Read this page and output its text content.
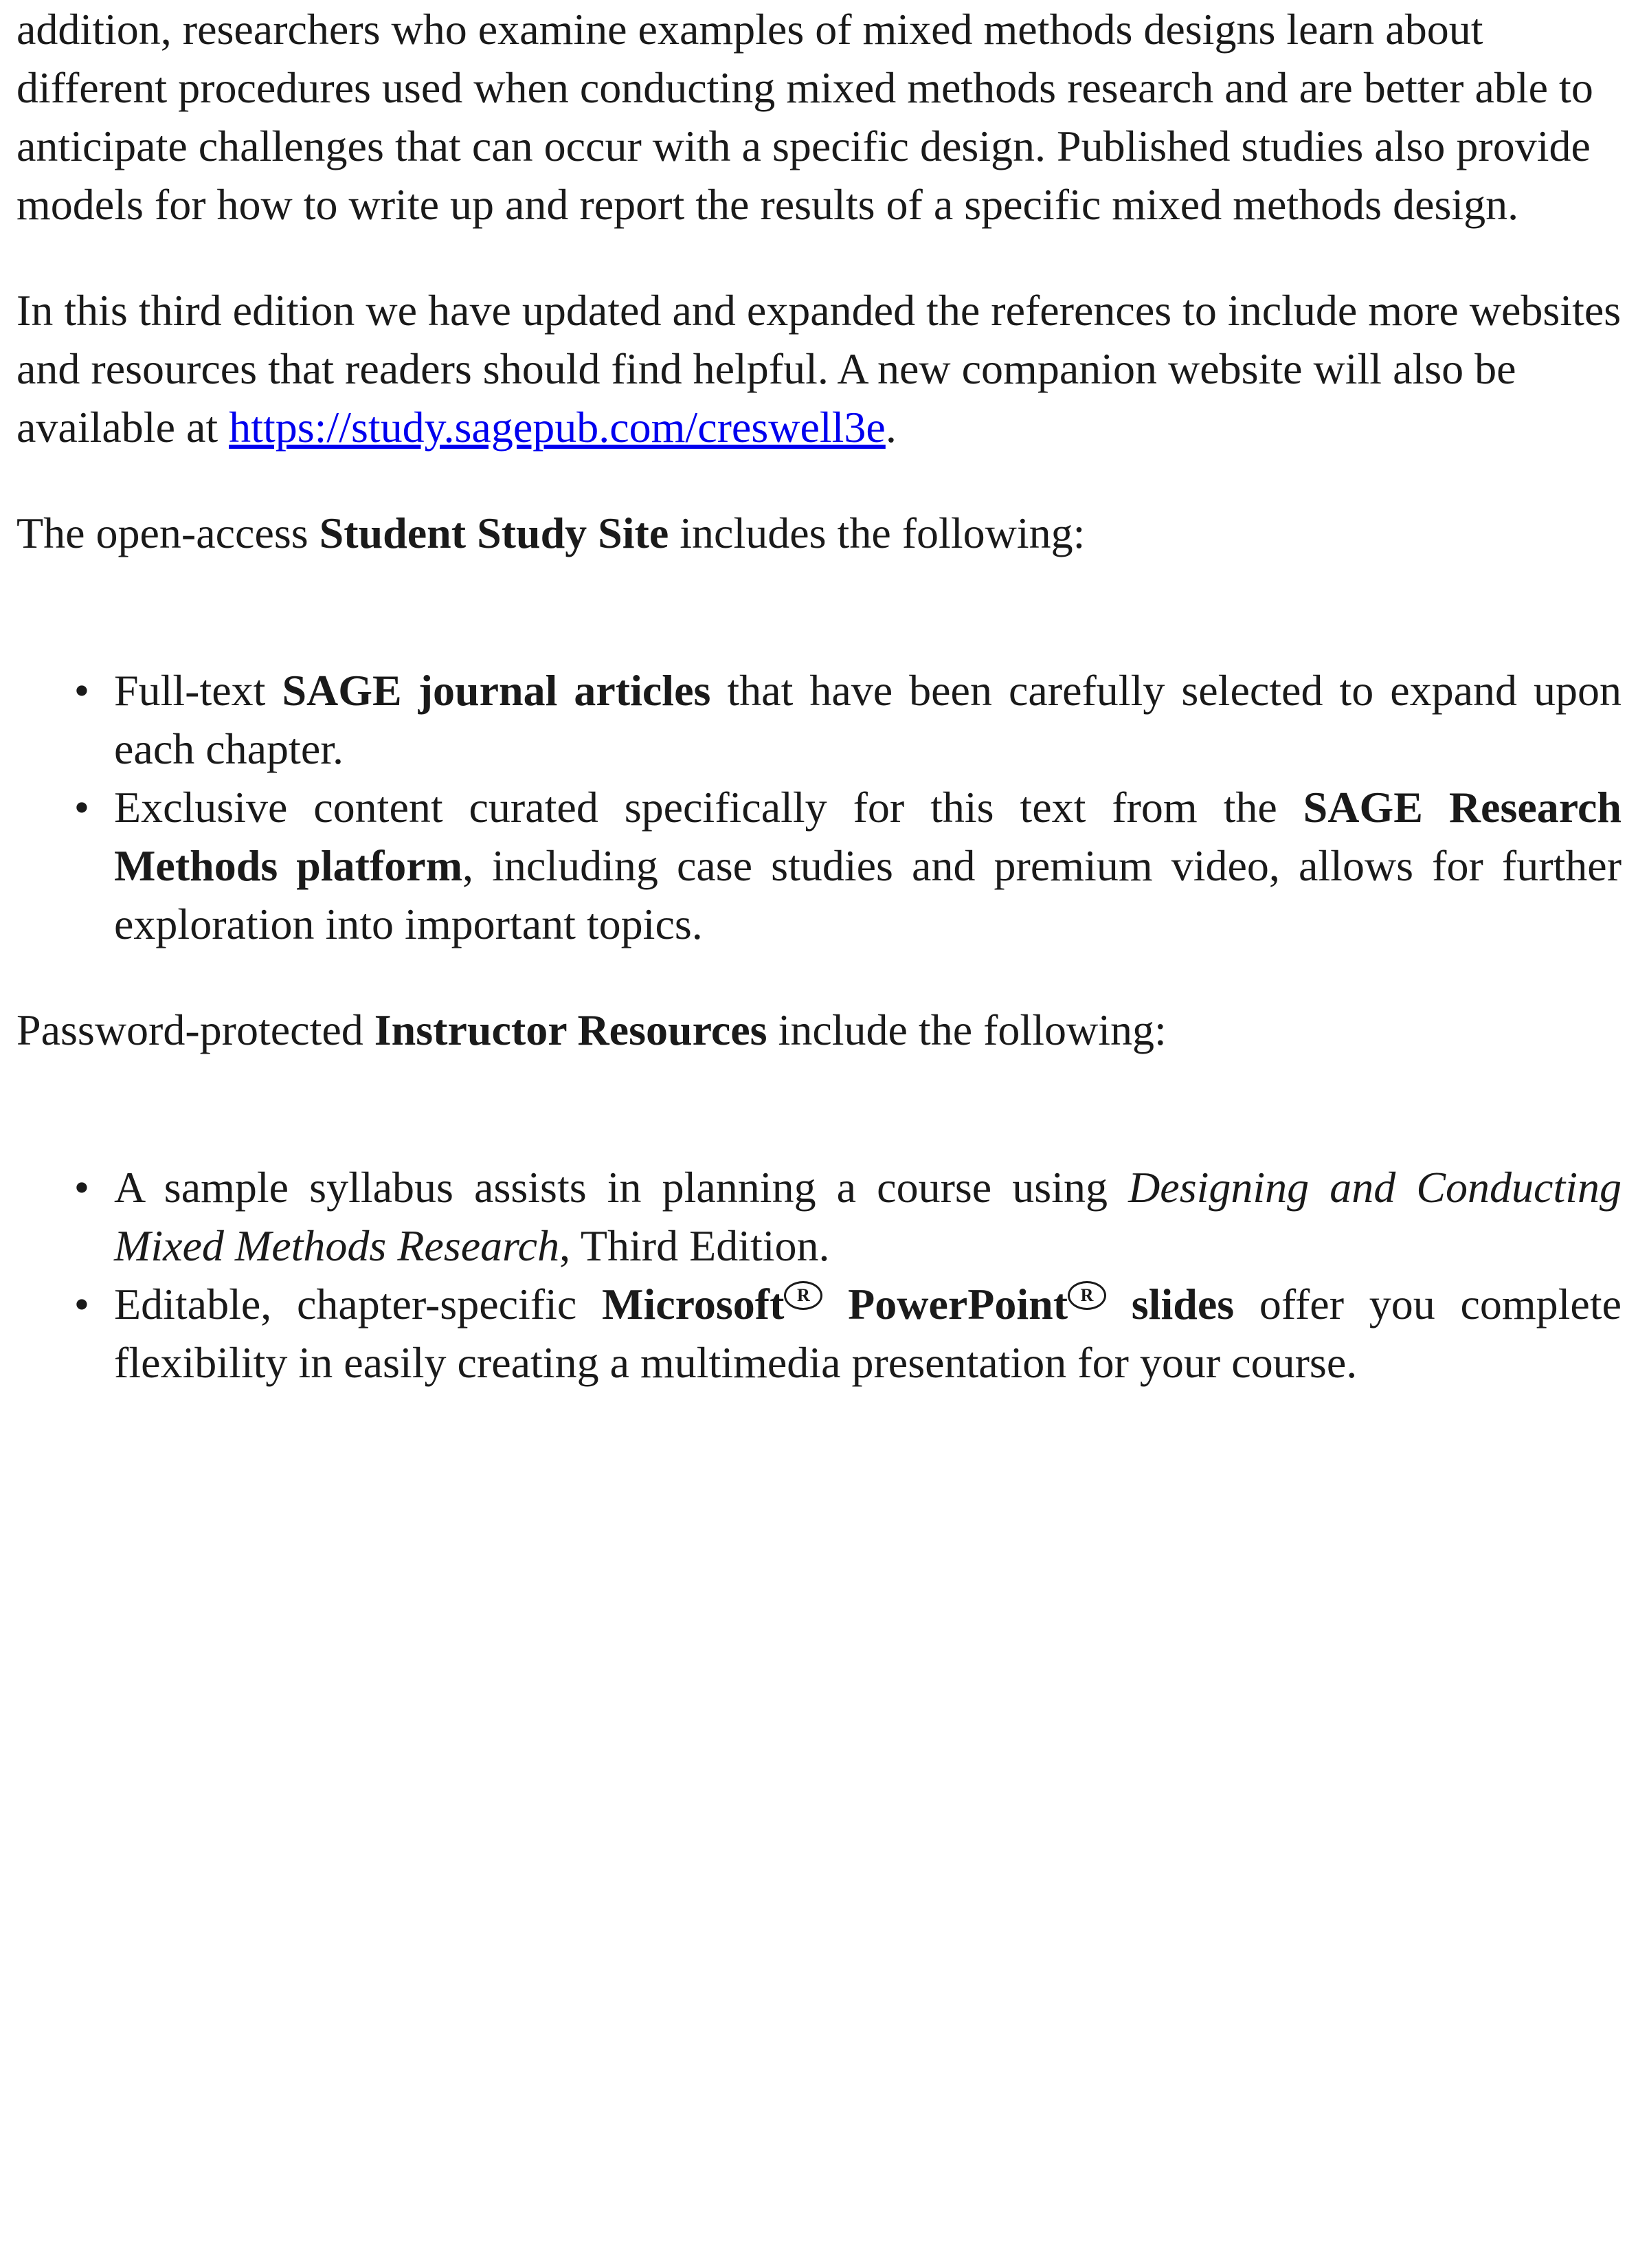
addition, researchers who examine examples of mixed methods designs learn about different procedures used when conducting mixed methods research and are better able to anticipate challenges that can occur with a specific design. Published studies also provide models for how to write up and report the results of a specific mixed methods design.

In this third edition we have updated and expanded the references to include more websites and resources that readers should find helpful. A new companion website will also be available at https://study.sagepub.com/creswell3e.

The open-access Student Study Site includes the following:

• Full-text SAGE journal articles that have been carefully selected to expand upon each chapter.
• Exclusive content curated specifically for this text from the SAGE Research Methods platform, including case studies and premium video, allows for further exploration into important topics.

Password-protected Instructor Resources include the following:

• A sample syllabus assists in planning a course using Designing and Conducting Mixed Methods Research, Third Edition.
• Editable, chapter-specific Microsoft R PowerPoint R slides offer you complete flexibility in easily creating a multimedia presentation for your course.
